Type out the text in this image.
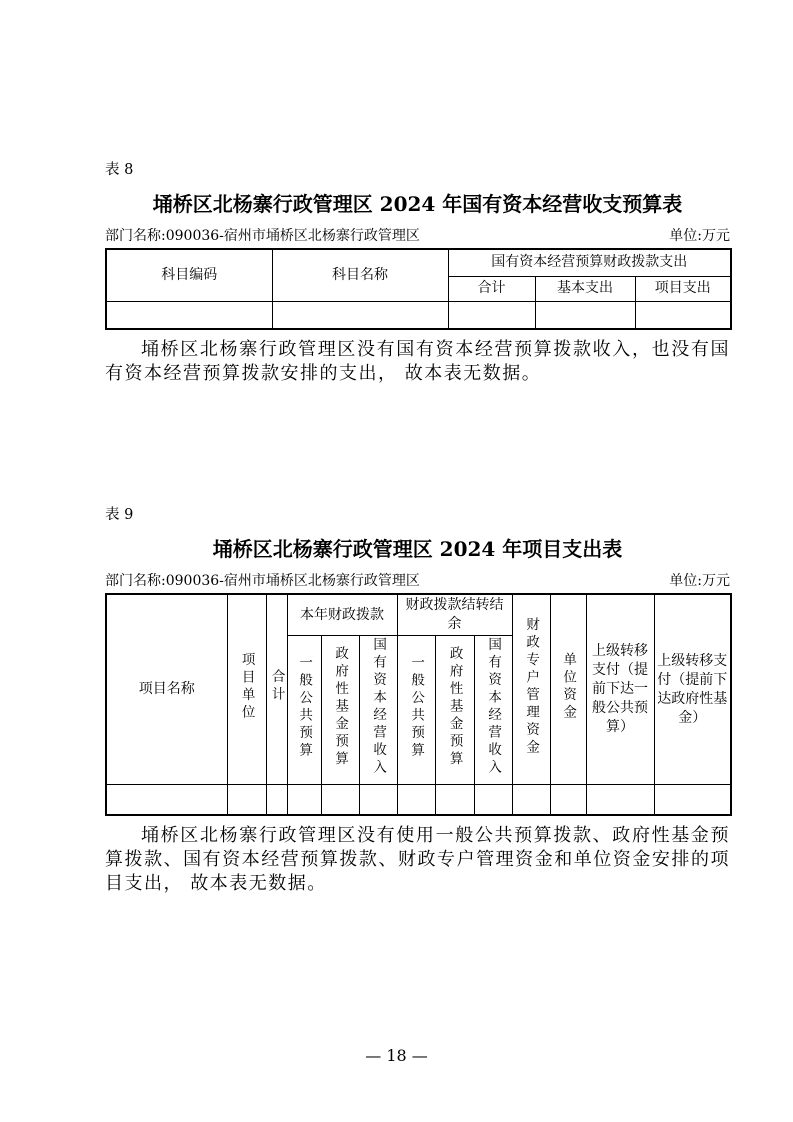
表 8
埇桥区北杨寨行政管理区 2024 年国有资本经营收支预算表
部门名称:090036-宿州市埇桥区北杨寨行政管理区	单位:万元
科目编码	科目名称	国有资本经营预算财政拨款支出		
		合计	基本支出	项目支出

埇桥区北杨寨行政管理区没有国有资本经营预算拨款收入，也没有国有资本经营预算拨款安排的支出， 故本表无数据。

表 9
埇桥区北杨寨行政管理区 2024 年项目支出表
部门名称:090036-宿州市埇桥区北杨寨行政管理区	单位:万元
项目名称	项目单位	合计	本年财政拨款			财政拨款结转结余			财政专户管理资金	单位资金	上级转移支付（提前下达一般公共预算）	上级转移支付（提前下达政府性基金）
			一般公共预算	政府性基金预算	国有资本经营收入	一般公共预算	政府性基金预算	国有资本经营收入				

埇桥区北杨寨行政管理区没有使用一般公共预算拨款、政府性基金预算拨款、国有资本经营预算拨款、财政专户管理资金和单位资金安排的项目支出， 故本表无数据。

— 18 —
